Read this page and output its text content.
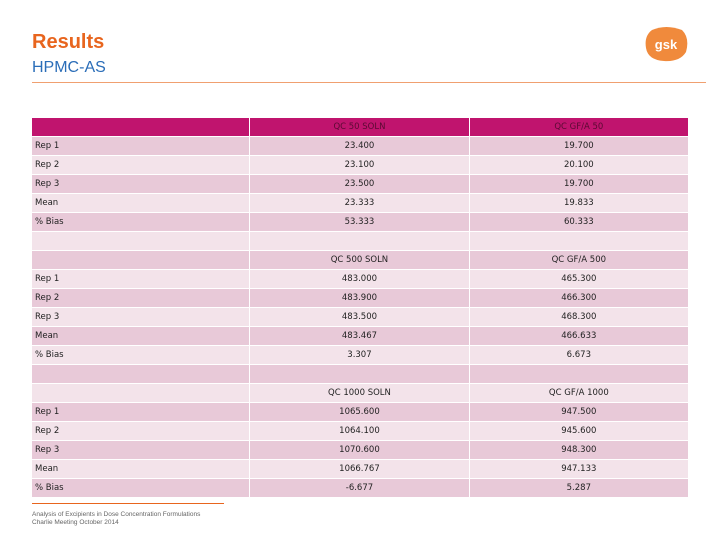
Results
HPMC-AS
gsk
	QC 50 SOLN	QC GF/A 50
Rep 1	23.400	19.700
Rep 2	23.100	20.100
Rep 3	23.500	19.700
Mean	23.333	19.833
% Bias	53.333	60.333

	QC 500 SOLN	QC GF/A 500
Rep 1	483.000	465.300
Rep 2	483.900	466.300
Rep 3	483.500	468.300
Mean	483.467	466.633
% Bias	3.307	6.673

	QC 1000 SOLN	QC GF/A 1000
Rep 1	1065.600	947.500
Rep 2	1064.100	945.600
Rep 3	1070.600	948.300
Mean	1066.767	947.133
% Bias	-6.677	5.287
Analysis of Excipients in Dose Concentration Formulations
Charlie Meeting October 2014
